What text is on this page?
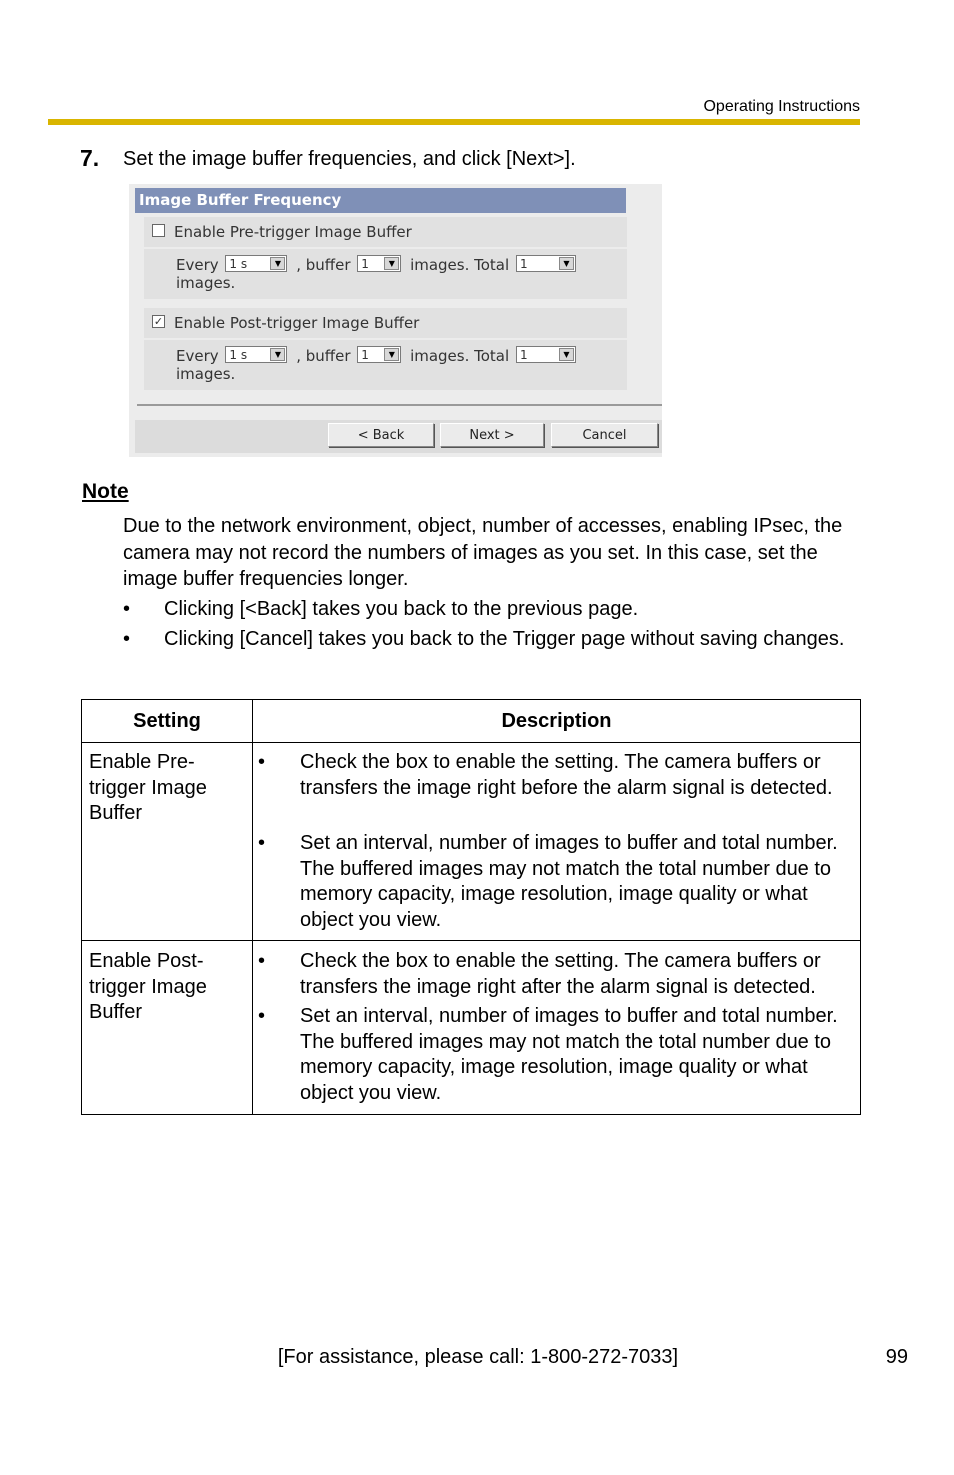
Operating Instructions
7. Set the image buffer frequencies, and click [Next>].
Image Buffer Frequency
Enable Pre-trigger Image Buffer
Every 1 s	▼ , buffer 1	▼ images. Total 1	▼

images.
✓ Enable Post-trigger Image Buffer
Every 1 s	▼ , buffer 1	▼ images. Total 1	▼

images.
< Back	Next >	Cancel
Note
Due to the network environment, object, number of accesses, enabling IPsec, the camera may not record the numbers of images as you set. In this case, set the image buffer frequencies longer.
• Clicking [<Back] takes you back to the previous page.
• Clicking [Cancel] takes you back to the Trigger page without saving changes.
Setting	Description
Enable Pre-trigger Image Buffer
• Check the box to enable the setting. The camera buffers or transfers the image right before the alarm signal is detected.
• Set an interval, number of images to buffer and total number. The buffered images may not match the total number due to memory capacity, image resolution, image quality or what object you view.
Enable Post-trigger Image Buffer
• Check the box to enable the setting. The camera buffers or transfers the image right after the alarm signal is detected.
• Set an interval, number of images to buffer and total number. The buffered images may not match the total number due to memory capacity, image resolution, image quality or what object you view.
[For assistance, please call: 1-800-272-7033]	99
